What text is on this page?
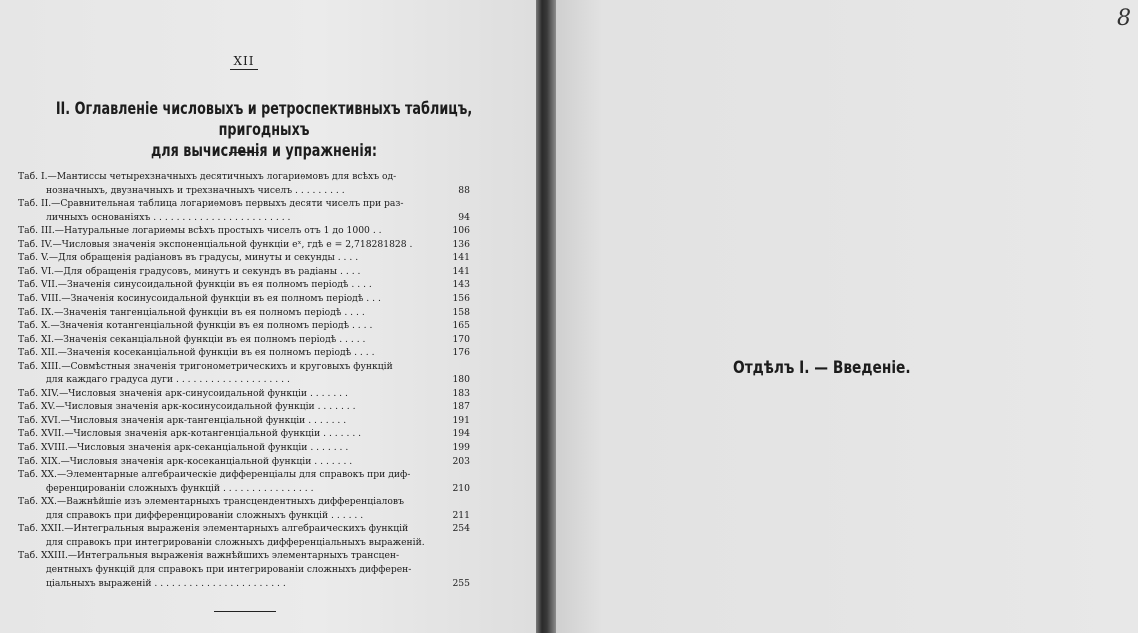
XII
II. Оглавленіе числовыхъ и ретроспективныхъ таблицъ, пригодныхъ
для вычисленія и упражненія:
Таб. I.—Мантиссы четырехзначныхъ десятичныхъ логариѳмовъ для всѣхъ од-
нозначныхъ, двузначныхъ и трехзначныхъ чиселъ . . . . . . . . .	88
Таб. II.—Сравнительная таблица логариѳмовъ первыхъ десяти чиселъ при раз-
личныхъ основаніяхъ . . . . . . . . . . . . . . . . . . . . . . . .	94
Таб. III.—Натуральные логариѳмы всѣхъ простыхъ чиселъ отъ 1 до 1000 . .	106
Таб. IV.—Числовыя значенія экспоненціальной функціи eˣ, гдѣ e = 2,718281828 .	136
Таб. V.—Для обращенія радіановъ въ градусы, минуты и секунды . . . .	141
Таб. VI.—Для обращенія градусовъ, минутъ и секундъ въ радіаны . . . .	141
Таб. VII.—Значенія синусоидальной функціи въ ея полномъ періодѣ . . . .	143
Таб. VIII.—Значенія косинусоидальной функціи въ ея полномъ періодѣ . . .	156
Таб. IX.—Значенія тангенціальной функціи въ ея полномъ періодѣ . . . .	158
Таб. X.—Значенія котангенціальной функціи въ ея полномъ періодѣ . . . .	165
Таб. XI.—Значенія секанціальной функціи въ ея полномъ періодѣ . . . . .	170
Таб. XII.—Значенія косеканціальной функціи въ ея полномъ періодѣ . . . .	176
Таб. XIII.—Совмѣстныя значенія тригонометрическихъ и круговыхъ функцій
для каждаго градуса дуги . . . . . . . . . . . . . . . . . . . .	180
Таб. XIV.—Числовыя значенія арк-синусоидальной функціи . . . . . . .	183
Таб. XV.—Числовыя значенія арк-косинусоидальной функціи . . . . . . .	187
Таб. XVI.—Числовыя значенія арк-тангенціальной функціи . . . . . . .	191
Таб. XVII.—Числовыя значенія арк-котангенціальной функціи . . . . . . .	194
Таб. XVIII.—Числовыя значенія арк-секанціальной функціи . . . . . . .	199
Таб. XIX.—Числовыя значенія арк-косеканціальной функціи . . . . . . .	203
Таб. XX.—Элементарные алгебраическіе дифференціалы для справокъ при диф-
ференцированіи сложныхъ функцій . . . . . . . . . . . . . . . .	210
Таб. XX.—Важнѣйшіе изъ элементарныхъ трансцендентныхъ дифференціаловъ
для справокъ при дифференцированіи сложныхъ функцій . . . . . .	211
Таб. XXII.—Интегральныя выраженія элементарныхъ алгебраическихъ функцій	254
для справокъ при интегрированіи сложныхъ дифференціальныхъ выраженій.
Таб. XXIII.—Интегральныя выраженія важнѣйшихъ элементарныхъ трансцен-
дентныхъ функцій для справокъ при интегрированіи сложныхъ дифферен-
ціальныхъ выраженій . . . . . . . . . . . . . . . . . . . . . . .	255
Отдѣлъ I. — Введеніе.
8
